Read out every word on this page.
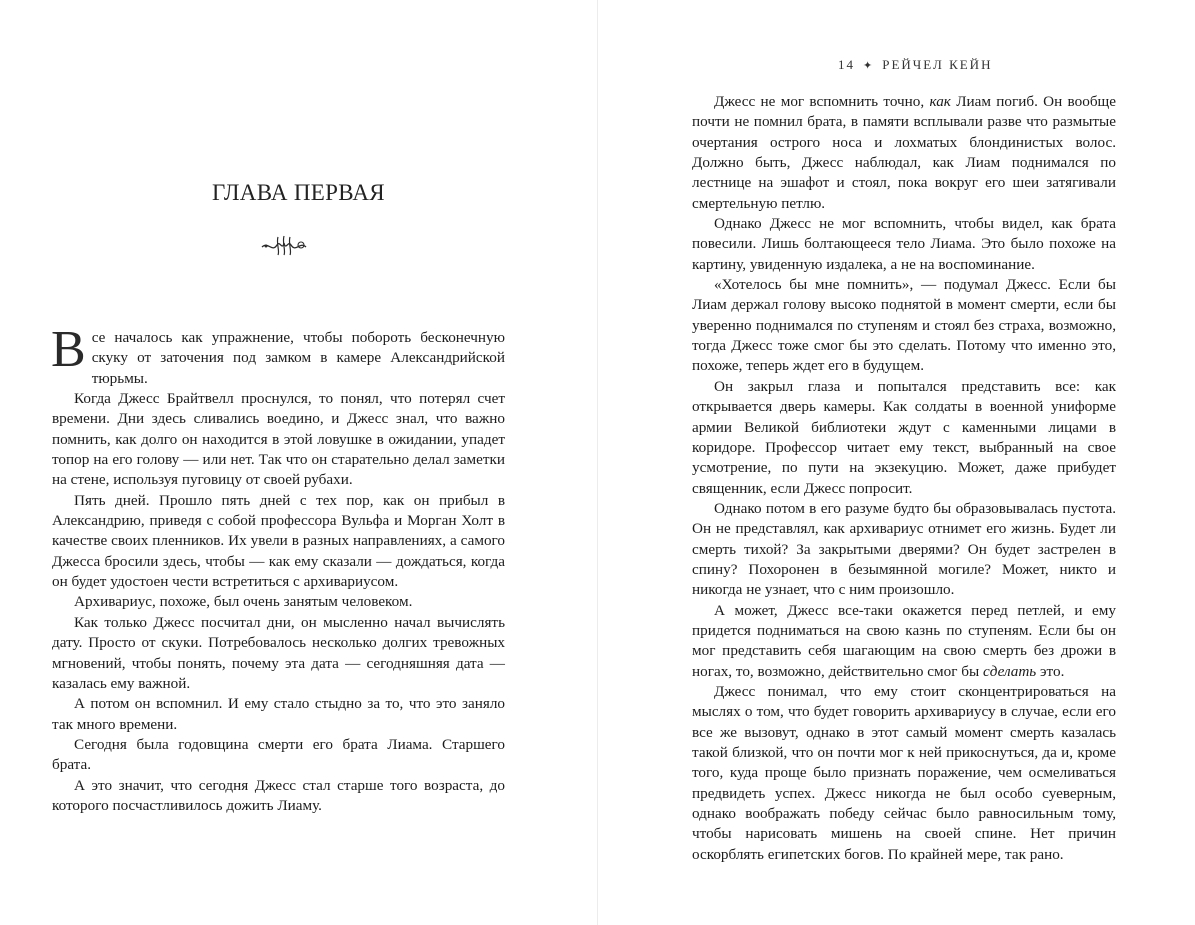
ГЛАВА ПЕРВАЯ

Все началось как упражнение, чтобы побороть бесконечную скуку от заточения под замком в камере Александрийской тюрьмы.

Когда Джесс Брайтвелл проснулся, то понял, что потерял счет времени. Дни здесь сливались воедино, и Джесс знал, что важно помнить, как долго он находится в этой ловушке в ожидании, упадет топор на его голову — или нет. Так что он старательно делал заметки на стене, используя пуговицу от своей рубахи.

Пять дней. Прошло пять дней с тех пор, как он прибыл в Александрию, приведя с собой профессора Вульфа и Морган Холт в качестве своих пленников. Их увели в разных направлениях, а самого Джесса бросили здесь, чтобы — как ему сказали — дождаться, когда он будет удостоен чести встретиться с архивариусом.

Архивариус, похоже, был очень занятым человеком.

Как только Джесс посчитал дни, он мысленно начал вычислять дату. Просто от скуки. Потребовалось несколько долгих тревожных мгновений, чтобы понять, почему эта дата — сегодняшняя дата — казалась ему важной.

А потом он вспомнил. И ему стало стыдно за то, что это заняло так много времени.

Сегодня была годовщина смерти его брата Лиама. Старшего брата.

А это значит, что сегодня Джесс стал старше того возраста, до которого посчастливилось дожить Лиаму.

14 ✦ РЕЙЧЕЛ КЕЙН

Джесс не мог вспомнить точно, как Лиам погиб. Он вообще почти не помнил брата, в памяти всплывали разве что размытые очертания острого носа и лохматых блондинистых волос. Должно быть, Джесс наблюдал, как Лиам поднимался по лестнице на эшафот и стоял, пока вокруг его шеи затягивали смертельную петлю.

Однако Джесс не мог вспомнить, чтобы видел, как брата повесили. Лишь болтающееся тело Лиама. Это было похоже на картину, увиденную издалека, а не на воспоминание.

«Хотелось бы мне помнить», — подумал Джесс. Если бы Лиам держал голову высоко поднятой в момент смерти, если бы уверенно поднимался по ступеням и стоял без страха, возможно, тогда Джесс тоже смог бы это сделать. Потому что именно это, похоже, теперь ждет его в будущем.

Он закрыл глаза и попытался представить все: как открывается дверь камеры. Как солдаты в военной униформе армии Великой библиотеки ждут с каменными лицами в коридоре. Профессор читает ему текст, выбранный на свое усмотрение, по пути на экзекуцию. Может, даже прибудет священник, если Джесс попросит.

Однако потом в его разуме будто бы образовывалась пустота. Он не представлял, как архивариус отнимет его жизнь. Будет ли смерть тихой? За закрытыми дверями? Он будет застрелен в спину? Похоронен в безымянной могиле? Может, никто и никогда не узнает, что с ним произошло.

А может, Джесс все-таки окажется перед петлей, и ему придется подниматься на свою казнь по ступеням. Если бы он мог представить себя шагающим на свою смерть без дрожи в ногах, то, возможно, действительно смог бы сделать это.

Джесс понимал, что ему стоит сконцентрироваться на мыслях о том, что будет говорить архивариусу в случае, если его все же вызовут, однако в этот самый момент смерть казалась такой близкой, что он почти мог к ней прикоснуться, да и, кроме того, куда проще было признать поражение, чем осмеливаться предвидеть успех. Джесс никогда не был особо суеверным, однако воображать победу сейчас было равносильным тому, чтобы нарисовать мишень на своей спине. Нет причин оскорблять египетских богов. По крайней мере, так рано.
